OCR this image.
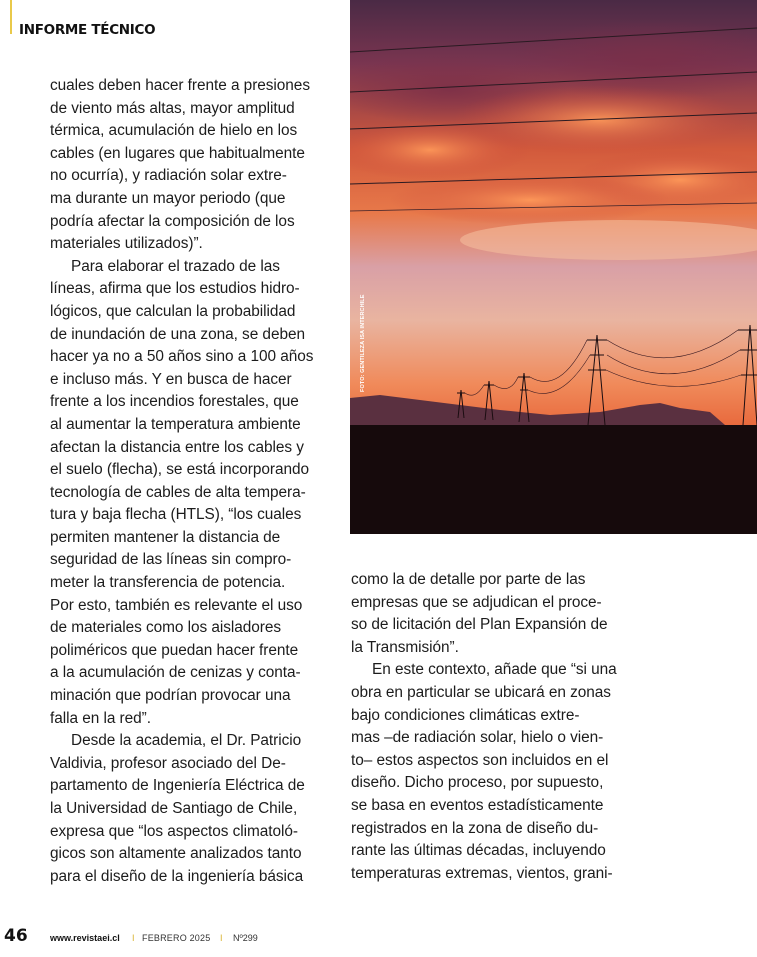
INFORME TÉCNICO
cuales deben hacer frente a presiones
de viento más altas, mayor amplitud
térmica, acumulación de hielo en los
cables (en lugares que habitualmente
no ocurría), y radiación solar extre-
ma durante un mayor periodo (que
podría afectar la composición de los
materiales utilizados)”.
Para elaborar el trazado de las
líneas, afirma que los estudios hidro-
lógicos, que calculan la probabilidad
de inundación de una zona, se deben
hacer ya no a 50 años sino a 100 años
e incluso más. Y en busca de hacer
frente a los incendios forestales, que
al aumentar la temperatura ambiente
afectan la distancia entre los cables y
el suelo (flecha), se está incorporando
tecnología de cables de alta tempera-
tura y baja flecha (HTLS), “los cuales
permiten mantener la distancia de
seguridad de las líneas sin compro-
meter la transferencia de potencia.
Por esto, también es relevante el uso
de materiales como los aisladores
poliméricos que puedan hacer frente
a la acumulación de cenizas y conta-
minación que podrían provocar una
falla en la red”.
Desde la academia, el Dr. Patricio
Valdivia, profesor asociado del De-
partamento de Ingeniería Eléctrica de
la Universidad de Santiago de Chile,
expresa que “los aspectos climatoló-
gicos son altamente analizados tanto
para el diseño de la ingeniería básica
FOTO: GENTILEZA ISA INTERCHILE
como la de detalle por parte de las
empresas que se adjudican el proce-
so de licitación del Plan Expansión de
la Transmisión”.
En este contexto, añade que “si una
obra en particular se ubicará en zonas
bajo condiciones climáticas extre-
mas –de radiación solar, hielo o vien-
to– estos aspectos son incluidos en el
diseño. Dicho proceso, por supuesto,
se basa en eventos estadísticamente
registrados en la zona de diseño du-
rante las últimas décadas, incluyendo
temperaturas extremas, vientos, grani-
46 www.revistaei.cl I FEBRERO 2025 I Nº299
